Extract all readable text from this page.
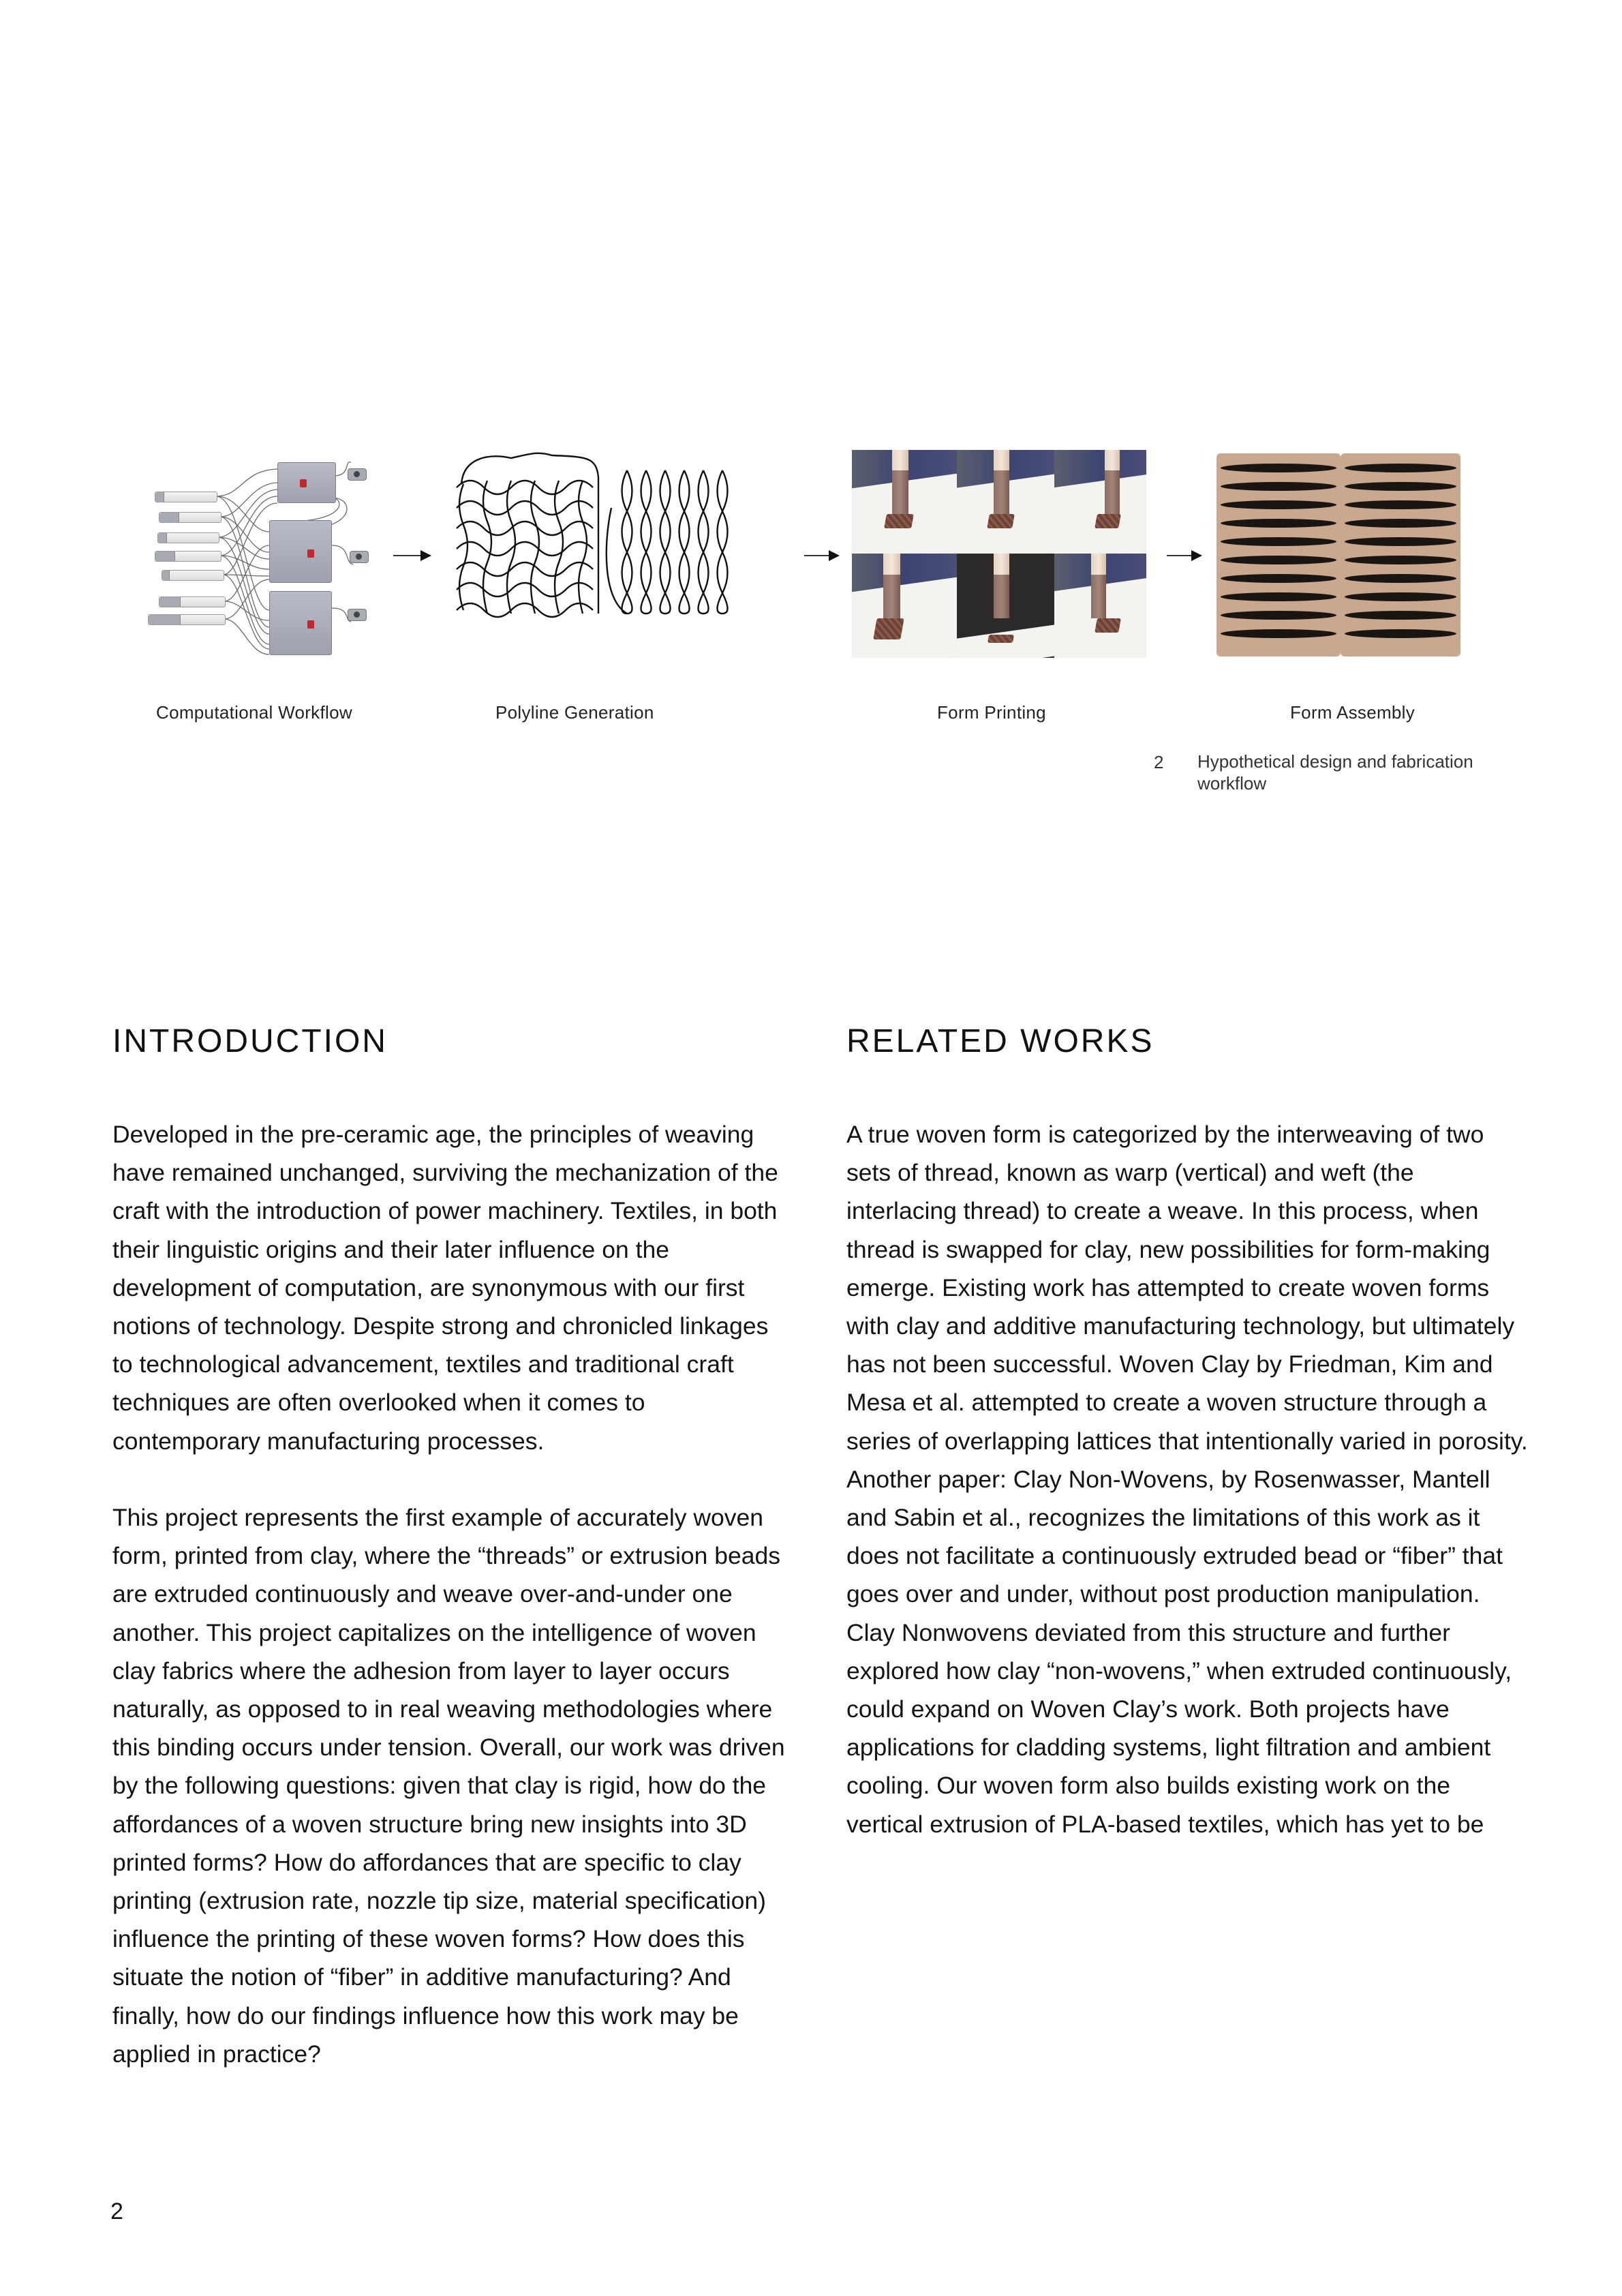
Computational Workflow	Polyline Generation	Form Printing	Form Assembly
2 Hypothetical design and fabrication workflow
INTRODUCTION

Developed in the pre-ceramic age, the principles of weaving have remained unchanged, surviving the mechanization of the craft with the introduction of power machinery. Textiles, in both their linguistic origins and their later influence on the development of computation, are synonymous with our first notions of technology. Despite strong and chronicled linkages to technological advancement, textiles and traditional craft techniques are often overlooked when it comes to contemporary manufacturing processes.

This project represents the first example of accurately woven form, printed from clay, where the “threads” or extrusion beads are extruded continuously and weave over-and-under one another. This project capitalizes on the intelligence of woven clay fabrics where the adhesion from layer to layer occurs naturally, as opposed to in real weaving methodologies where this binding occurs under tension. Overall, our work was driven by the following questions: given that clay is rigid, how do the affordances of a woven structure bring new insights into 3D printed forms? How do affordances that are specific to clay printing (extrusion rate, nozzle tip size, material specification) influence the printing of these woven forms? How does this situate the notion of “fiber” in additive manufacturing? And finally, how do our findings influence how this work may be applied in practice?

RELATED WORKS

A true woven form is categorized by the interweaving of two sets of thread, known as warp (vertical) and weft (the interlacing thread) to create a weave. In this process, when thread is swapped for clay, new possibilities for form-making emerge. Existing work has attempted to create woven forms with clay and additive manufacturing technology, but ultimately has not been successful. Woven Clay by Friedman, Kim and Mesa et al. attempted to create a woven structure through a series of overlapping lattices that intentionally varied in porosity. Another paper: Clay Non-Wovens, by Rosenwasser, Mantell and Sabin et al., recognizes the limitations of this work as it does not facilitate a continuously extruded bead or “fiber” that goes over and under, without post production manipulation. Clay Nonwovens deviated from this structure and further explored how clay “non-wovens,” when extruded continuously, could expand on Woven Clay’s work. Both projects have applications for cladding systems, light filtration and ambient cooling. Our woven form also builds existing work on the vertical extrusion of PLA-based textiles, which has yet to be

2
